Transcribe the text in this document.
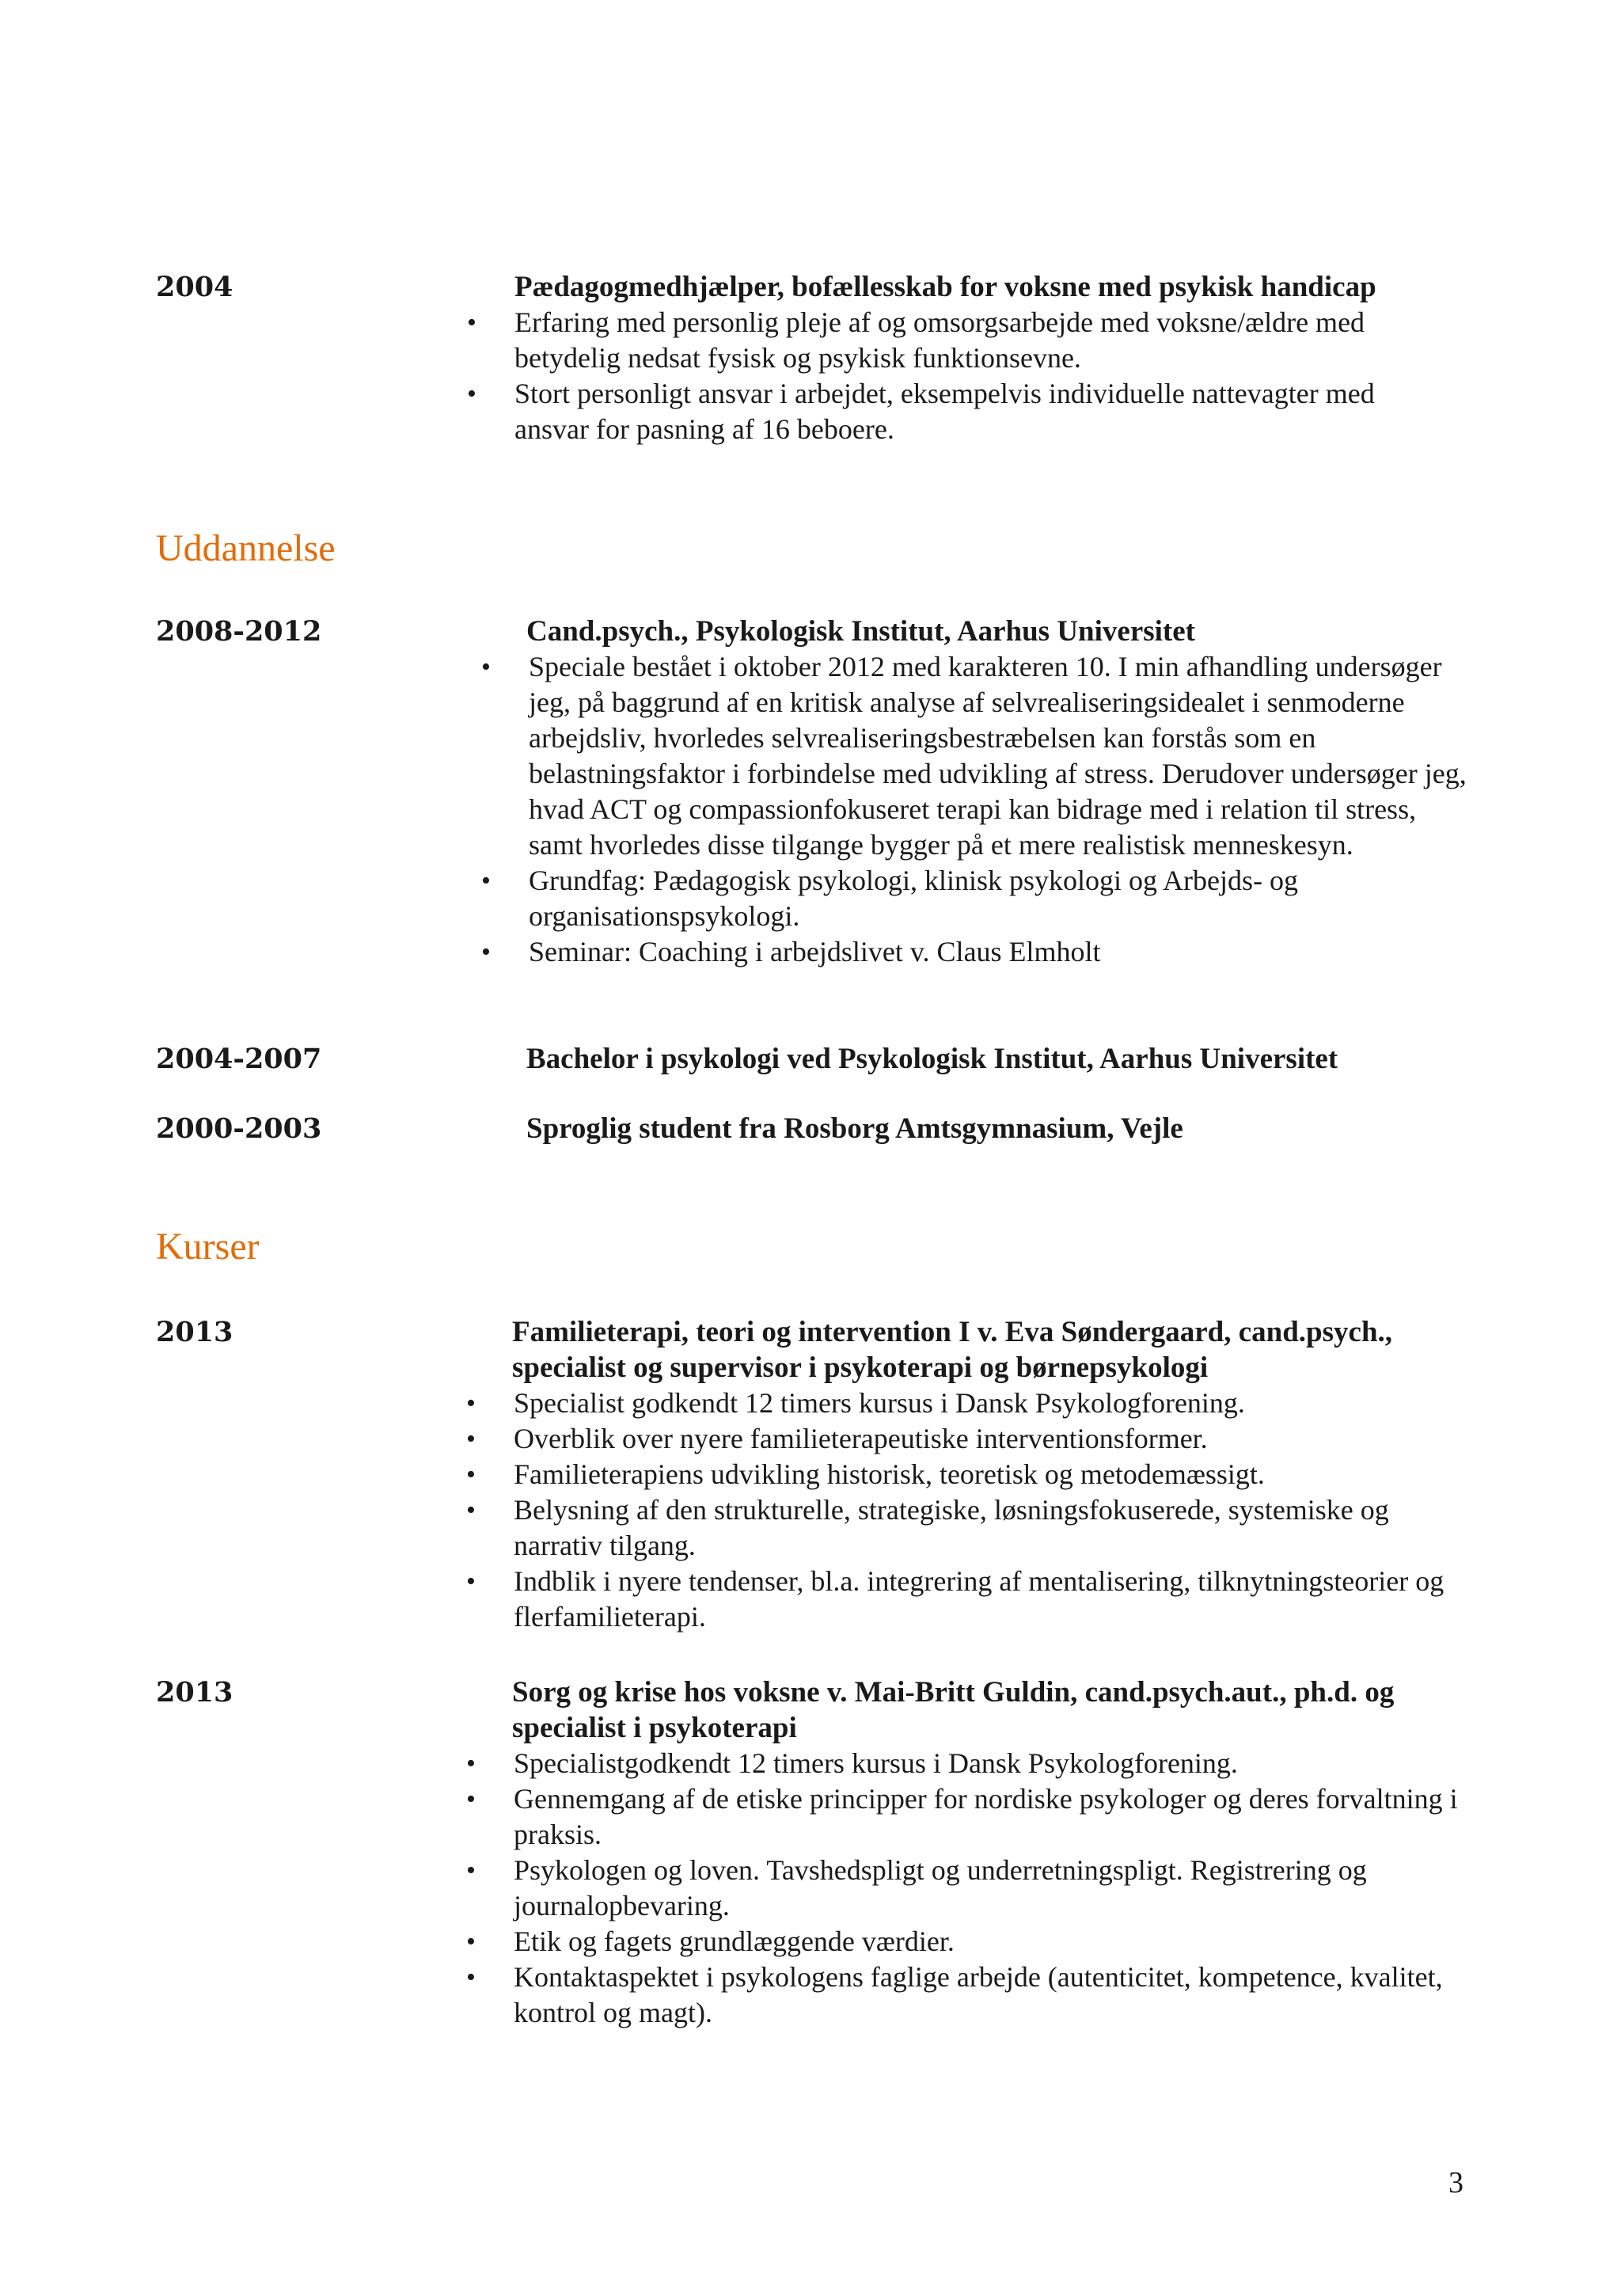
2004	Pædagogmedhjælper, bofællesskab for voksne med psykisk handicap
• Erfaring med personlig pleje af og omsorgsarbejde med voksne/ældre med betydelig nedsat fysisk og psykisk funktionsevne.
• Stort personligt ansvar i arbejdet, eksempelvis individuelle nattevagter med ansvar for pasning af 16 beboere.
Uddannelse
2008-2012	Cand.psych., Psykologisk Institut, Aarhus Universitet
• Speciale bestået i oktober 2012 med karakteren 10. I min afhandling undersøger jeg, på baggrund af en kritisk analyse af selvrealiseringsidealet i senmoderne arbejdsliv, hvorledes selvrealiseringsbestræbelsen kan forstås som en belastningsfaktor i forbindelse med udvikling af stress. Derudover undersøger jeg, hvad ACT og compassionfokuseret terapi kan bidrage med i relation til stress, samt hvorledes disse tilgange bygger på et mere realistisk menneskesyn.
• Grundfag: Pædagogisk psykologi, klinisk psykologi og Arbejds- og organisationspsykologi.
• Seminar: Coaching i arbejdslivet v. Claus Elmholt
2004-2007	Bachelor i psykologi ved Psykologisk Institut, Aarhus Universitet
2000-2003	Sproglig student fra Rosborg Amtsgymnasium, Vejle
Kurser
2013	Familieterapi, teori og intervention I v. Eva Søndergaard, cand.psych.,
specialist og supervisor i psykoterapi og børnepsykologi
• Specialist godkendt 12 timers kursus i Dansk Psykologforening.
• Overblik over nyere familieterapeutiske interventionsformer.
• Familieterapiens udvikling historisk, teoretisk og metodemæssigt.
• Belysning af den strukturelle, strategiske, løsningsfokuserede, systemiske og narrativ tilgang.
• Indblik i nyere tendenser, bl.a. integrering af mentalisering, tilknytningsteorier og flerfamilieterapi.
2013	Sorg og krise hos voksne v. Mai-Britt Guldin, cand.psych.aut., ph.d. og
specialist i psykoterapi
• Specialistgodkendt 12 timers kursus i Dansk Psykologforening.
• Gennemgang af de etiske principper for nordiske psykologer og deres forvaltning i praksis.
• Psykologen og loven. Tavshedspligt og underretningspligt. Registrering og journalopbevaring.
• Etik og fagets grundlæggende værdier.
• Kontaktaspektet i psykologens faglige arbejde (autenticitet, kompetence, kvalitet, kontrol og magt).
3
